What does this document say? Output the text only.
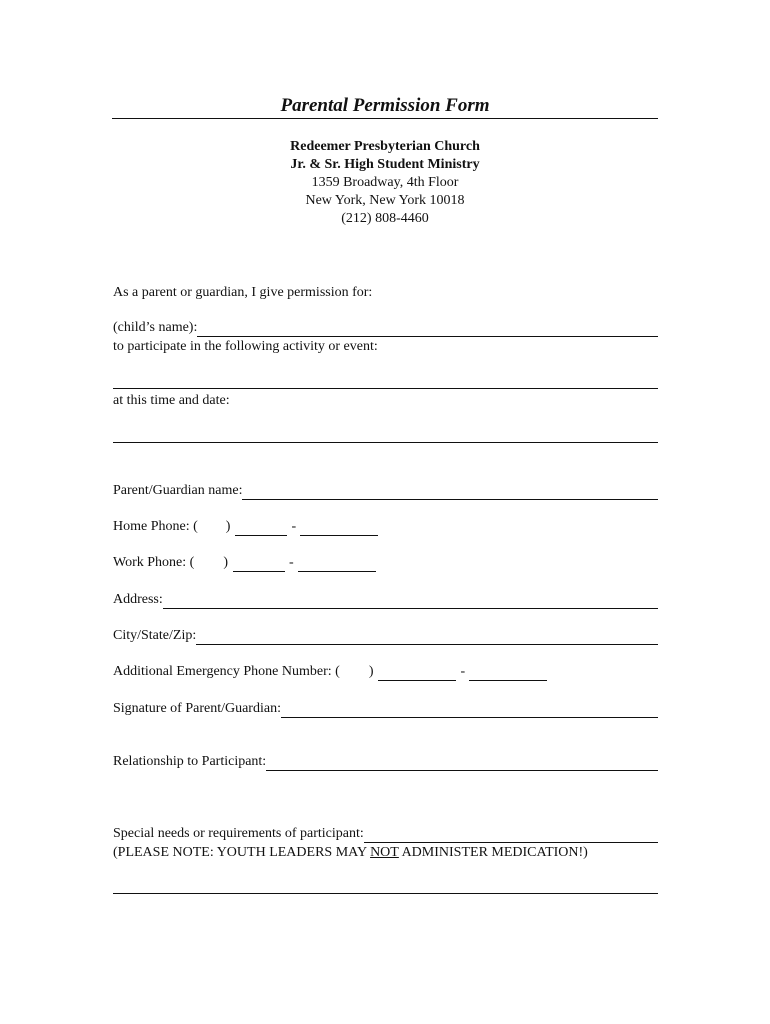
Parental Permission Form
Redeemer Presbyterian Church
Jr. & Sr. High Student Ministry
1359 Broadway, 4th Floor
New York, New York 10018
(212) 808-4460
As a parent or guardian, I give permission for:
(child’s name):
to participate in the following activity or event:
at this time and date:
Parent/Guardian name:
Home Phone: ( )	-
Work Phone: ( )	-
Address:
City/State/Zip:
Additional Emergency Phone Number: ( )	-
Signature of Parent/Guardian:
Relationship to Participant:
Special needs or requirements of participant:
(PLEASE NOTE: YOUTH LEADERS MAY NOT ADMINISTER MEDICATION!)
